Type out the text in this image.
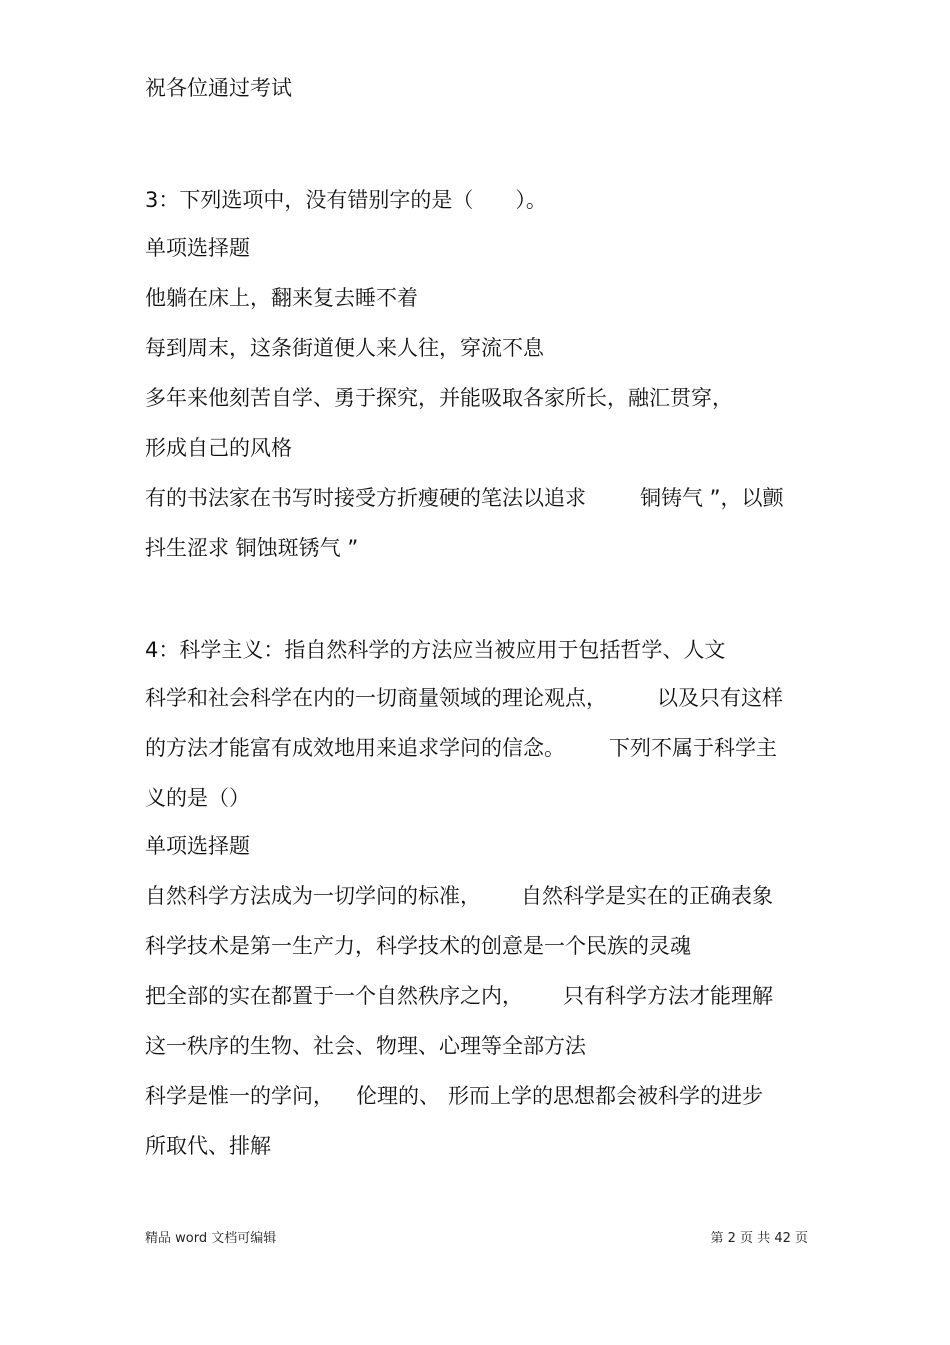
祝各位通过考试
3：下列选项中，没有错别字的是（　　）。
单项选择题
他躺在床上，翻来复去睡不着
每到周末，这条街道便人来人往，穿流不息
多年来他刻苦自学、勇于探究，并能吸取各家所长，融汇贯穿，
形成自己的风格
有的书法家在书写时接受方折瘦硬的笔法以追求	铜铸气 ”，以颤
抖生涩求 铜蚀斑锈气 ”
4：科学主义：指自然科学的方法应当被应用于包括哲学、人文
科学和社会科学在内的一切商量领域的理论观点， 以及只有这样
的方法才能富有成效地用来追求学问的信念。 下列不属于科学主
义的是（）
单项选择题
自然科学方法成为一切学问的标准， 自然科学是实在的正确表象
科学技术是第一生产力，科学技术的创意是一个民族的灵魂
把全部的实在都置于一个自然秩序之内， 只有科学方法才能理解
这一秩序的生物、社会、物理、心理等全部方法
科学是惟一的学问， 伦理的、 形而上学的思想都会被科学的进步
所取代、排解
精品 word 文档可编辑	第 2 页 共 42 页
